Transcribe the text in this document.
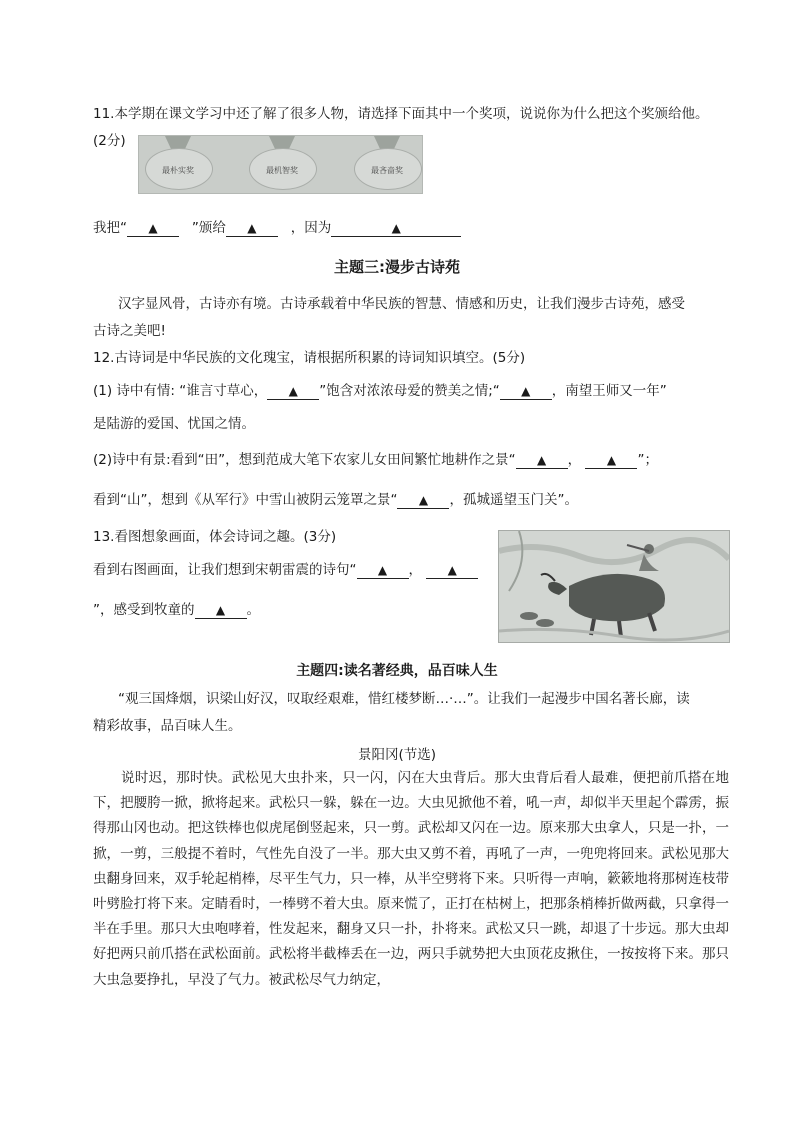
11.本学期在课文学习中还了解了很多人物，请选择下面其中一个奖项，说说你为什么把这个奖颁给他。
(2分)
最朴实奖	最机智奖	最吝啬奖
我把“ ▲	”颁给 ▲	，因为	▲
主题三:漫步古诗苑
汉字显风骨，古诗亦有境。古诗承载着中华民族的智慧、情感和历史，让我们漫步古诗苑，感受
古诗之美吧!
12.古诗词是中华民族的文化瑰宝，请根据所积累的诗词知识填空。(5分)
(1) 诗中有情: “谁言寸草心， ▲ ”饱含对浓浓母爱的赞美之情;“ ▲ ，南望王师又一年”
是陆游的爱国、忧国之情。
(2)诗中有景:看到“田”，想到范成大笔下农家儿女田间繁忙地耕作之景“ ▲ ， ▲ ”；
看到“山”，想到《从军行》中雪山被阴云笼罩之景“ ▲ ，孤城遥望玉门关”。
13.看图想象画面，体会诗词之趣。(3分)
看到右图画面，让我们想到宋朝雷震的诗句“ ▲ ， ▲
”，感受到牧童的 ▲ 。
主题四:读名著经典，品百味人生
“观三国烽烟，识梁山好汉，叹取经艰难，惜红楼梦断…·…”。让我们一起漫步中国名著长廊，读
精彩故事，品百味人生。
景阳冈(节选)
说时迟，那时快。武松见大虫扑来，只一闪，闪在大虫背后。那大虫背后看人最难，便把前爪搭在地下，把腰胯一掀，掀将起来。武松只一躲，躲在一边。大虫见掀他不着，吼一声，却似半天里起个霹雳，振得那山冈也动。把这铁棒也似虎尾倒竖起来，只一剪。武松却又闪在一边。原来那大虫拿人，只是一扑，一掀，一剪，三般提不着时，气性先自没了一半。那大虫又剪不着，再吼了一声，一兜兜将回来。武松见那大虫翻身回来，双手轮起梢棒，尽平生气力，只一棒，从半空劈将下来。只听得一声响，簌簌地将那树连枝带叶劈脸打将下来。定睛看时，一棒劈不着大虫。原来慌了，正打在枯树上，把那条梢棒折做两截，只拿得一半在手里。那只大虫咆哮着，性发起来，翻身又只一扑，扑将来。武松又只一跳，却退了十步远。那大虫却好把两只前爪搭在武松面前。武松将半截棒丢在一边，两只手就势把大虫顶花皮揪住，一按按将下来。那只大虫急要挣扎，早没了气力。被武松尽气力纳定，
